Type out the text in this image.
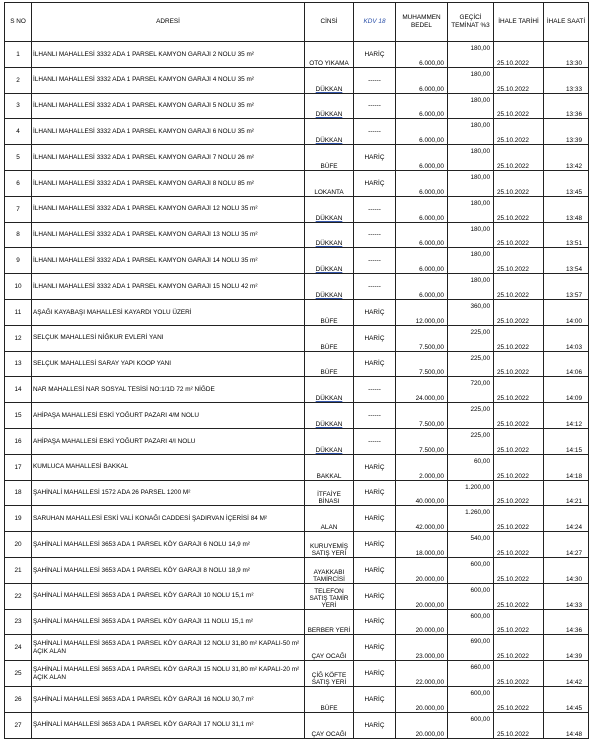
S NO	ADRESİ	CİNSİ	KDV 18	MUHAMMEN BEDEL	GEÇİCİ TEMİNAT %3	İHALE TARİHİ	İHALE SAATİ
1	İLHANLI MAHALLESİ 3332 ADA 1 PARSEL KAMYON GARAJI 2 NOLU 35 m²	OTO YIKAMA	HARİÇ	6.000,00	180,00	25.10.2022	13:30
2	İLHANLI MAHALLESİ 3332 ADA 1 PARSEL KAMYON GARAJI 4 NOLU 35 m²	DÜKKAN	------	6.000,00	180,00	25.10.2022	13:33
3	İLHANLI MAHALLESİ 3332 ADA 1 PARSEL KAMYON GARAJI 5 NOLU 35 m²	DÜKKAN	------	6.000,00	180,00	25.10.2022	13:36
4	İLHANLI MAHALLESİ 3332 ADA 1 PARSEL KAMYON GARAJI 6 NOLU 35 m²	DÜKKAN	------	6.000,00	180,00	25.10.2022	13:39
5	İLHANLI MAHALLESİ 3332 ADA 1 PARSEL KAMYON GARAJI 7 NOLU 26 m²	BÜFE	HARİÇ	6.000,00	180,00	25.10.2022	13:42
6	İLHANLI MAHALLESİ 3332 ADA 1 PARSEL KAMYON GARAJI 8 NOLU 85 m²	LOKANTA	HARİÇ	6.000,00	180,00	25.10.2022	13:45
7	İLHANLI MAHALLESİ 3332 ADA 1 PARSEL KAMYON GARAJI 12 NOLU 35 m²	DÜKKAN	------	6.000,00	180,00	25.10.2022	13:48
8	İLHANLI MAHALLESİ 3332 ADA 1 PARSEL KAMYON GARAJI 13 NOLU 35 m²	DÜKKAN	------	6.000,00	180,00	25.10.2022	13:51
9	İLHANLI MAHALLESİ 3332 ADA 1 PARSEL KAMYON GARAJI 14 NOLU 35 m²	DÜKKAN	------	6.000,00	180,00	25.10.2022	13:54
10	İLHANLI MAHALLESİ 3332 ADA 1 PARSEL KAMYON GARAJI 15 NOLU 42 m²	DÜKKAN	------	6.000,00	180,00	25.10.2022	13:57
11	AŞAĞI KAYABAŞI MAHALLESİ KAYARDI YOLU ÜZERİ	BÜFE	HARİÇ	12.000,00	360,00	25.10.2022	14:00
12	SELÇUK MAHALLESİ NİĞKUR EVLERİ YANI	BÜFE	HARİÇ	7.500,00	225,00	25.10.2022	14:03
13	SELÇUK MAHALLESİ SARAY YAPI KOOP YANI	BÜFE	HARİÇ	7.500,00	225,00	25.10.2022	14:06
14	NAR MAHALLESİ NAR SOSYAL TESİSİ NO:1/1D 72 m² NİĞDE	DÜKKAN	------	24.000,00	720,00	25.10.2022	14:09
15	AHİPAŞA MAHALLESİ ESKİ YOĞURT PAZARI 4/M NOLU	DÜKKAN	------	7.500,00	225,00	25.10.2022	14:12
16	AHİPAŞA MAHALLESİ ESKİ YOĞURT PAZARI 4/I NOLU	DÜKKAN	------	7.500,00	225,00	25.10.2022	14:15
17	KUMLUCA MAHALLESİ BAKKAL	BAKKAL	HARİÇ	2.000,00	60,00	25.10.2022	14:18
18	ŞAHİNALİ MAHALLESİ 1572 ADA 26 PARSEL 1200 M²	İTFAİYE BİNASI	HARİÇ	40.000,00	1.200,00	25.10.2022	14:21
19	SARUHAN MAHALLESİ ESKİ VALİ KONAĞI CADDESİ ŞADIRVAN İÇERİSİ 84 M²	ALAN	HARİÇ	42.000,00	1.260,00	25.10.2022	14:24
20	ŞAHİNALİ MAHALLESİ 3653 ADA 1 PARSEL KÖY GARAJI 6 NOLU 14,9 m²	KURUYEMİŞ SATIŞ YERİ	HARİÇ	18.000,00	540,00	25.10.2022	14:27
21	ŞAHİNALİ MAHALLESİ 3653 ADA 1 PARSEL KÖY GARAJI 8 NOLU 18,9 m²	AYAKKABI TAMİRCİSİ	HARİÇ	20.000,00	600,00	25.10.2022	14:30
22	ŞAHİNALİ MAHALLESİ 3653 ADA 1 PARSEL KÖY GARAJI 10 NOLU 15,1 m²	TELEFON SATIŞ TAMİR YERİ	HARİÇ	20.000,00	600,00	25.10.2022	14:33
23	ŞAHİNALİ MAHALLESİ 3653 ADA 1 PARSEL KÖY GARAJI 11 NOLU 15,1 m²	BERBER YERİ	HARİÇ	20.000,00	600,00	25.10.2022	14:36
24	ŞAHİNALİ MAHALLESİ 3653 ADA 1 PARSEL KÖY GARAJI 12 NOLU 31,80 m² KAPALI-50 m² AÇIK ALAN	ÇAY OCAĞI	HARİÇ	23.000,00	690,00	25.10.2022	14:39
25	ŞAHİNALİ MAHALLESİ 3653 ADA 1 PARSEL KÖY GARAJI 15 NOLU 31,80 m² KAPALI-20 m² AÇIK ALAN	ÇİĞ KÖFTE SATIŞ YERİ	HARİÇ	22.000,00	660,00	25.10.2022	14:42
26	ŞAHİNALİ MAHALLESİ 3653 ADA 1 PARSEL KÖY GARAJI 16 NOLU 30,7 m²	BÜFE	HARİÇ	20.000,00	600,00	25.10.2022	14:45
27	ŞAHİNALİ MAHALLESİ 3653 ADA 1 PARSEL KÖY GARAJI 17 NOLU 31,1 m²	ÇAY OCAĞI	HARİÇ	20.000,00	600,00	25.10.2022	14:48
